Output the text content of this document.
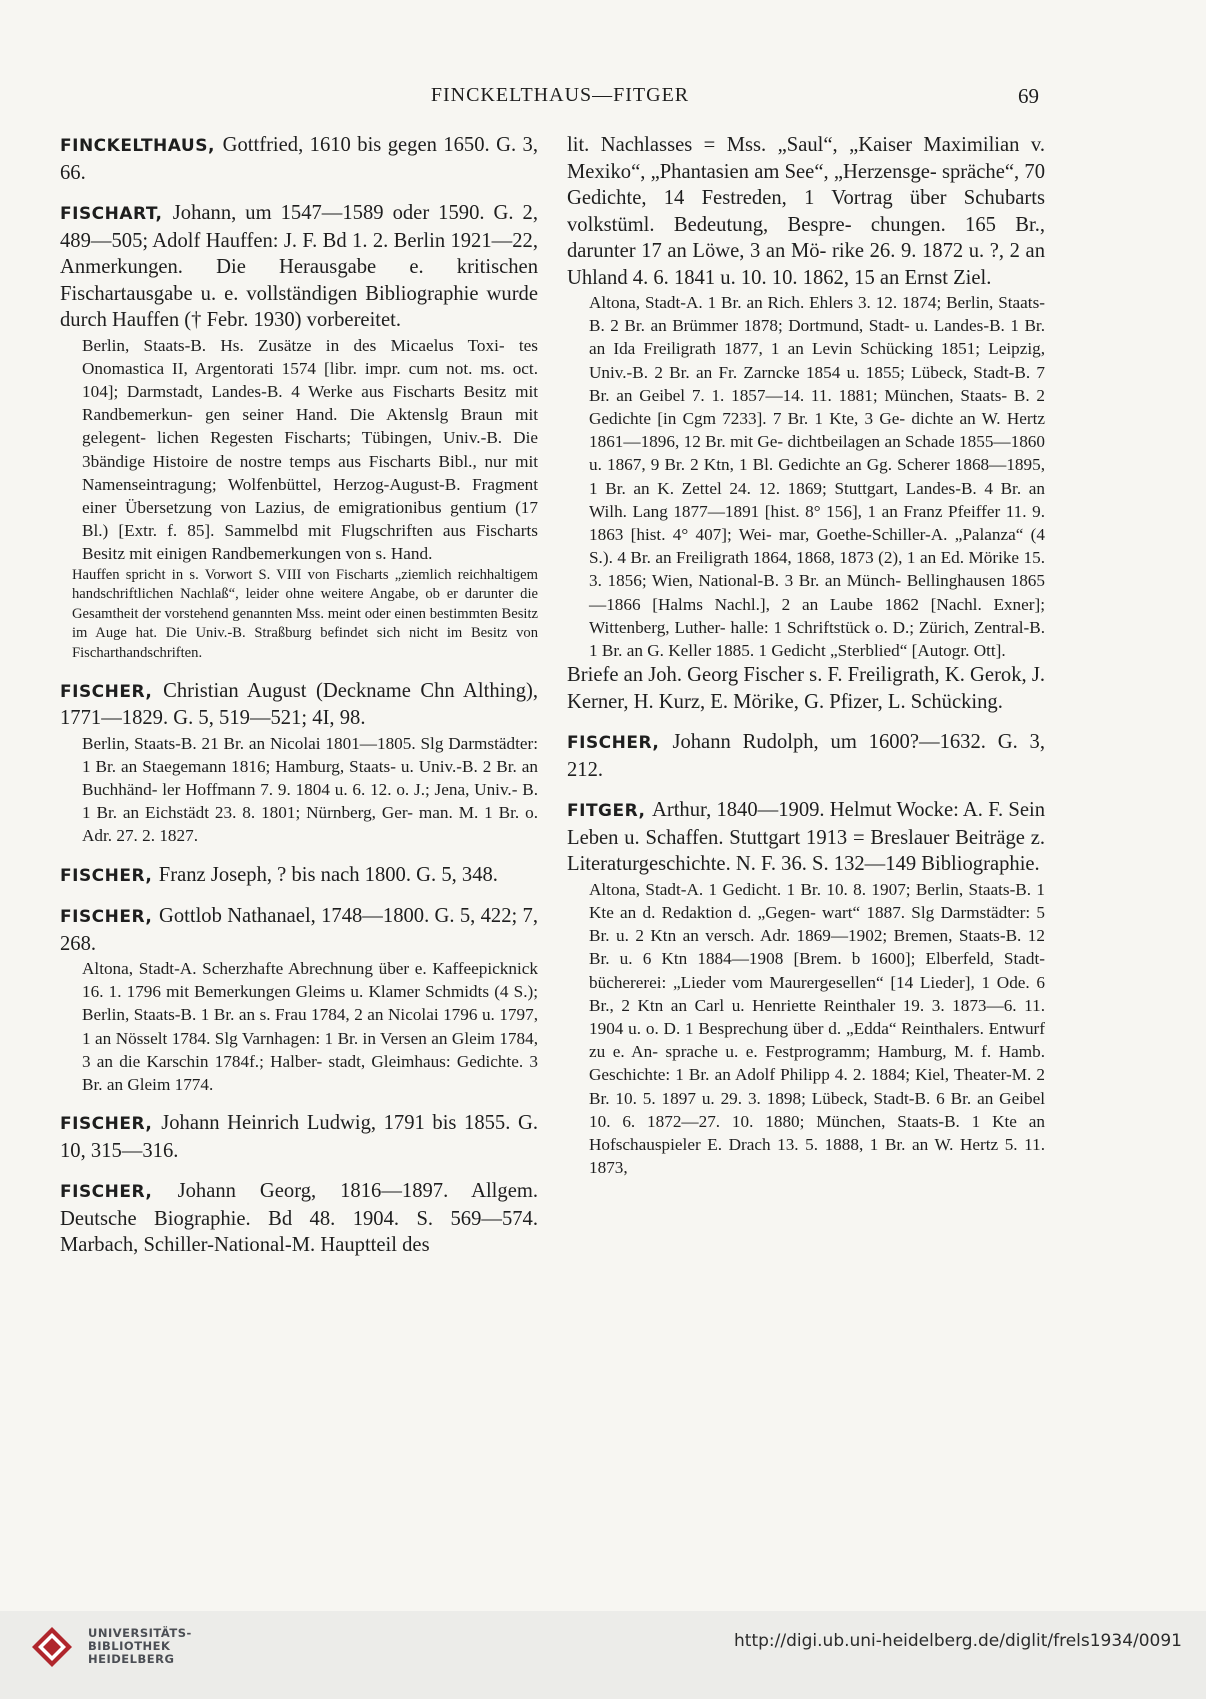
FINCKELTHAUS—FITGER	69

FINCKELTHAUS, Gottfried, 1610 bis gegen 1650. G. 3, 66.

FISCHART, Johann, um 1547—1589 oder 1590. G. 2, 489—505; Adolf Hauffen: J. F. Bd 1. 2. Berlin 1921—22, Anmerkungen. Die Herausgabe e. kritischen Fischartausgabe u. e. vollständigen Bibliographie wurde durch Hauffen († Febr. 1930) vorbereitet.

Berlin, Staats-B. Hs. Zusätze in des Micaelus Toxi- tes Onomastica II, Argentorati 1574 [libr. impr. cum not. ms. oct. 104]; Darmstadt, Landes-B. 4 Werke aus Fischarts Besitz mit Randbemerkun- gen seiner Hand. Die Aktenslg Braun mit gelegent- lichen Regesten Fischarts; Tübingen, Univ.-B. Die 3bändige Histoire de nostre temps aus Fischarts Bibl., nur mit Namenseintragung; Wolfenbüttel, Herzog-August-B. Fragment einer Übersetzung von Lazius, de emigrationibus gentium (17 Bl.) [Extr. f. 85]. Sammelbd mit Flugschriften aus Fischarts Besitz mit einigen Randbemerkungen von s. Hand.

Hauffen spricht in s. Vorwort S. VIII von Fischarts „ziemlich reichhaltigem handschriftlichen Nachlaß“, leider ohne weitere Angabe, ob er darunter die Gesamtheit der vorstehend genannten Mss. meint oder einen bestimmten Besitz im Auge hat. Die Univ.-B. Straßburg befindet sich nicht im Besitz von Fischarthandschriften.

FISCHER, Christian August (Deckname Chn Althing), 1771—1829. G. 5, 519—521; 4I, 98.

Berlin, Staats-B. 21 Br. an Nicolai 1801—1805. Slg Darmstädter: 1 Br. an Staegemann 1816; Hamburg, Staats- u. Univ.-B. 2 Br. an Buchhänd- ler Hoffmann 7. 9. 1804 u. 6. 12. o. J.; Jena, Univ.- B. 1 Br. an Eichstädt 23. 8. 1801; Nürnberg, Ger- man. M. 1 Br. o. Adr. 27. 2. 1827.

FISCHER, Franz Joseph, ? bis nach 1800. G. 5, 348.

FISCHER, Gottlob Nathanael, 1748—1800. G. 5, 422; 7, 268.

Altona, Stadt-A. Scherzhafte Abrechnung über e. Kaffeepicknick 16. 1. 1796 mit Bemerkungen Gleims u. Klamer Schmidts (4 S.); Berlin, Staats-B. 1 Br. an s. Frau 1784, 2 an Nicolai 1796 u. 1797, 1 an Nösselt 1784. Slg Varnhagen: 1 Br. in Versen an Gleim 1784, 3 an die Karschin 1784f.; Halber- stadt, Gleimhaus: Gedichte. 3 Br. an Gleim 1774.

FISCHER, Johann Heinrich Ludwig, 1791 bis 1855. G. 10, 315—316.

FISCHER, Johann Georg, 1816—1897. Allgem. Deutsche Biographie. Bd 48. 1904. S. 569—574. Marbach, Schiller-National-M. Hauptteil des

lit. Nachlasses = Mss. „Saul“, „Kaiser Maximilian v. Mexiko“, „Phantasien am See“, „Herzensge- spräche“, 70 Gedichte, 14 Festreden, 1 Vortrag über Schubarts volkstüml. Bedeutung, Bespre- chungen. 165 Br., darunter 17 an Löwe, 3 an Mö- rike 26. 9. 1872 u. ?, 2 an Uhland 4. 6. 1841 u. 10. 10. 1862, 15 an Ernst Ziel.

Altona, Stadt-A. 1 Br. an Rich. Ehlers 3. 12. 1874; Berlin, Staats-B. 2 Br. an Brümmer 1878; Dortmund, Stadt- u. Landes-B. 1 Br. an Ida Freiligrath 1877, 1 an Levin Schücking 1851; Leipzig, Univ.-B. 2 Br. an Fr. Zarncke 1854 u. 1855; Lübeck, Stadt-B. 7 Br. an Geibel 7. 1. 1857—14. 11. 1881; München, Staats- B. 2 Gedichte [in Cgm 7233]. 7 Br. 1 Kte, 3 Ge- dichte an W. Hertz 1861—1896, 12 Br. mit Ge- dichtbeilagen an Schade 1855—1860 u. 1867, 9 Br. 2 Ktn, 1 Bl. Gedichte an Gg. Scherer 1868—1895, 1 Br. an K. Zettel 24. 12. 1869; Stuttgart, Landes-B. 4 Br. an Wilh. Lang 1877—1891 [hist. 8° 156], 1 an Franz Pfeiffer 11. 9. 1863 [hist. 4° 407]; Wei- mar, Goethe-Schiller-A. „Palanza“ (4 S.). 4 Br. an Freiligrath 1864, 1868, 1873 (2), 1 an Ed. Mörike 15. 3. 1856; Wien, National-B. 3 Br. an Münch- Bellinghausen 1865—1866 [Halms Nachl.], 2 an Laube 1862 [Nachl. Exner]; Wittenberg, Luther- halle: 1 Schriftstück o. D.; Zürich, Zentral-B. 1 Br. an G. Keller 1885. 1 Gedicht „Sterblied“ [Autogr. Ott].

Briefe an Joh. Georg Fischer s. F. Freiligrath, K. Gerok, J. Kerner, H. Kurz, E. Mörike, G. Pfizer, L. Schücking.

FISCHER, Johann Rudolph, um 1600?—1632. G. 3, 212.

FITGER, Arthur, 1840—1909. Helmut Wocke: A. F. Sein Leben u. Schaffen. Stuttgart 1913 = Breslauer Beiträge z. Literaturgeschichte. N. F. 36. S. 132—149 Bibliographie.

Altona, Stadt-A. 1 Gedicht. 1 Br. 10. 8. 1907; Berlin, Staats-B. 1 Kte an d. Redaktion d. „Gegen- wart“ 1887. Slg Darmstädter: 5 Br. u. 2 Ktn an versch. Adr. 1869—1902; Bremen, Staats-B. 12 Br. u. 6 Ktn 1884—1908 [Brem. b 1600]; Elberfeld, Stadt- büchererei: „Lieder vom Maurergesellen“ [14 Lieder], 1 Ode. 6 Br., 2 Ktn an Carl u. Henriette Reinthaler 19. 3. 1873—6. 11. 1904 u. o. D. 1 Besprechung über d. „Edda“ Reinthalers. Entwurf zu e. An- sprache u. e. Festprogramm; Hamburg, M. f. Hamb. Geschichte: 1 Br. an Adolf Philipp 4. 2. 1884; Kiel, Theater-M. 2 Br. 10. 5. 1897 u. 29. 3. 1898; Lübeck, Stadt-B. 6 Br. an Geibel 10. 6. 1872—27. 10. 1880; München, Staats-B. 1 Kte an Hofschauspieler E. Drach 13. 5. 1888, 1 Br. an W. Hertz 5. 11. 1873,

UNIVERSITÄTS-
BIBLIOTHEK
HEIDELBERG
http://digi.ub.uni-heidelberg.de/diglit/frels1934/0091
